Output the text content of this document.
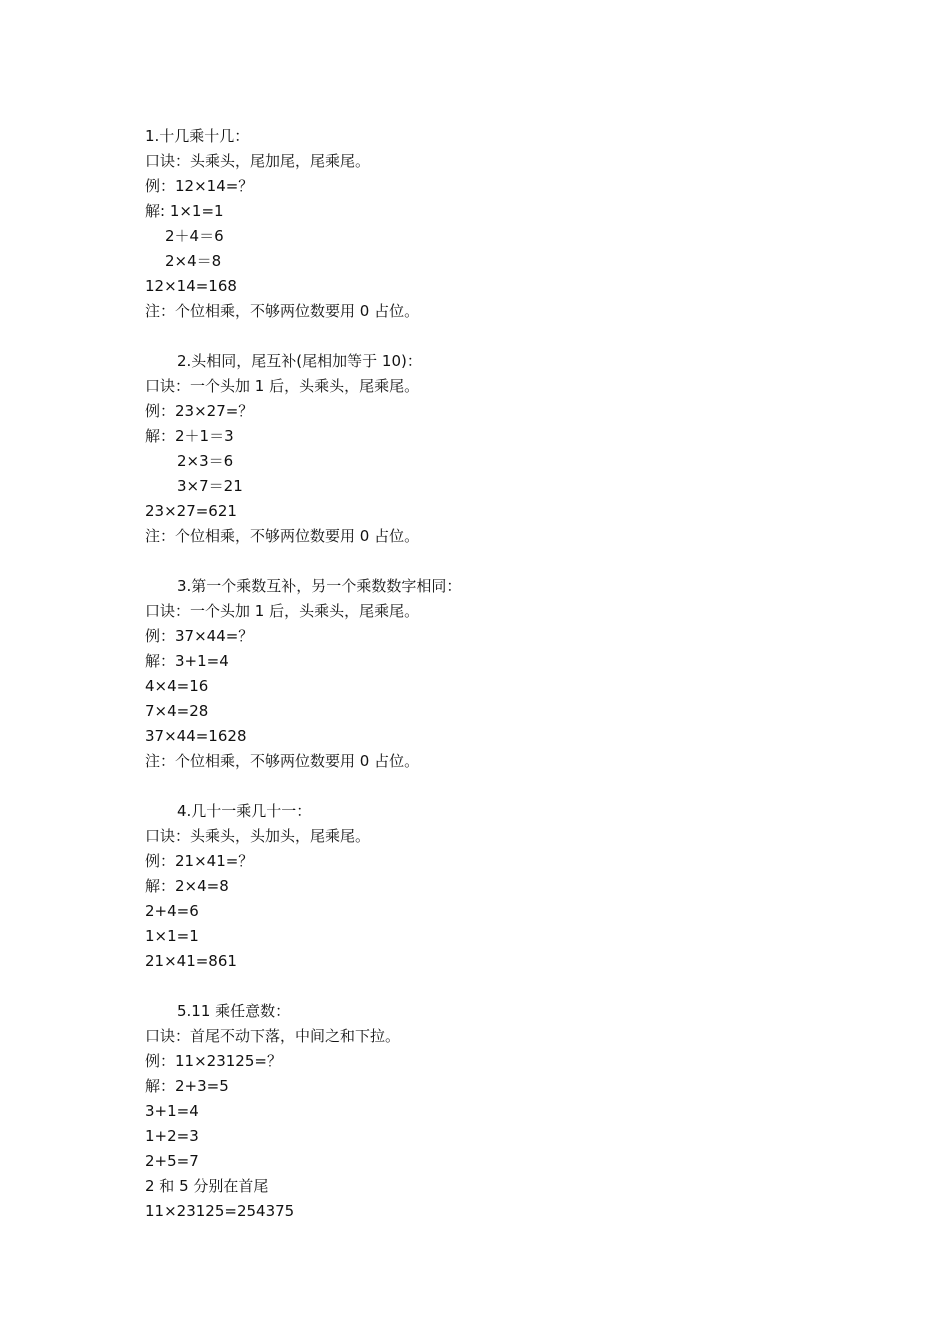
1.十几乘十几：
口诀：头乘头，尾加尾，尾乘尾。
例：12×14=？
解: 1×1=1
2＋4＝6
2×4＝8
12×14=168
注：个位相乘，不够两位数要用 0 占位。
2.头相同，尾互补(尾相加等于 10)：
口诀：一个头加 1 后，头乘头，尾乘尾。
例：23×27=？
解：2＋1＝3
2×3＝6
3×7＝21
23×27=621
注：个位相乘，不够两位数要用 0 占位。
3.第一个乘数互补，另一个乘数数字相同：
口诀：一个头加 1 后，头乘头，尾乘尾。
例：37×44=？
解：3+1=4
4×4=16
7×4=28
37×44=1628
注：个位相乘，不够两位数要用 0 占位。
4.几十一乘几十一：
口诀：头乘头，头加头，尾乘尾。
例：21×41=？
解：2×4=8
2+4=6
1×1=1
21×41=861
5.11 乘任意数：
口诀：首尾不动下落，中间之和下拉。
例：11×23125=？
解：2+3=5
3+1=4
1+2=3
2+5=7
2 和 5 分别在首尾
11×23125=254375
